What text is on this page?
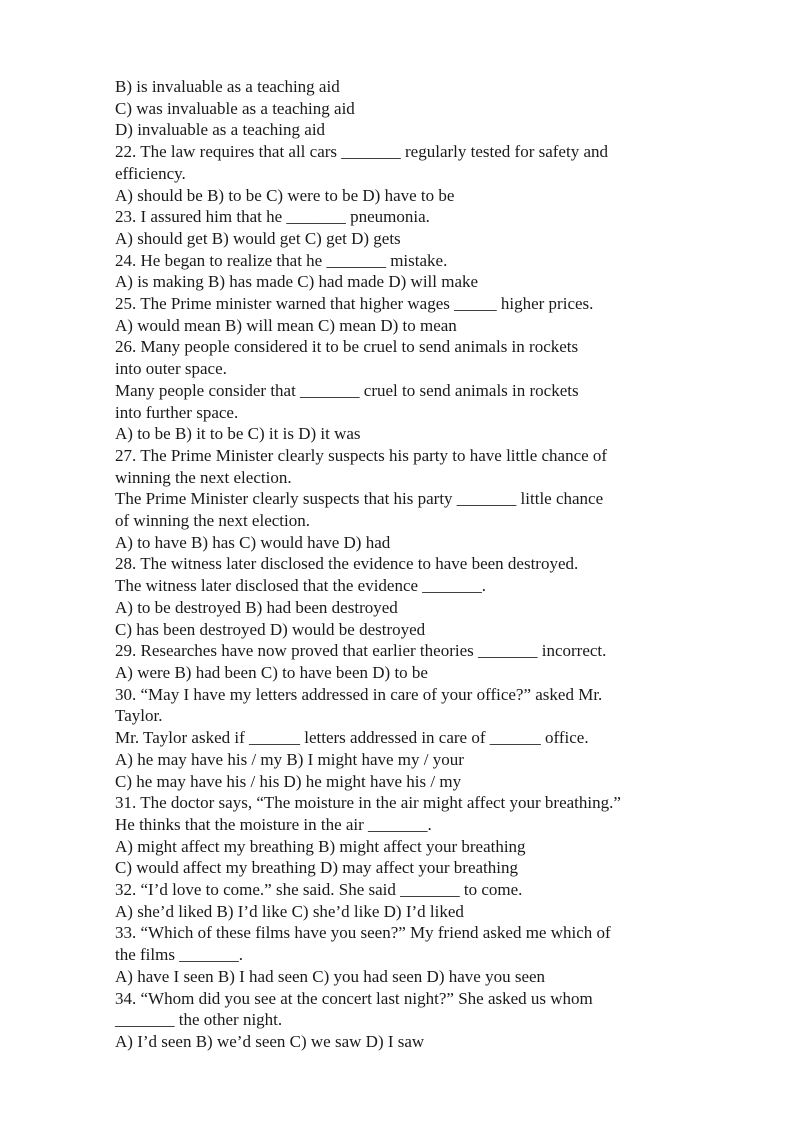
B) is invaluable as a teaching aid
C) was invaluable as a teaching aid
D) invaluable as a teaching aid
22. The law requires that all cars _______ regularly tested for safety and
efficiency.
A) should be B) to be C) were to be D) have to be
23. I assured him that he _______ pneumonia.
A) should get B) would get C) get D) gets
24. He began to realize that he _______ mistake.
A) is making B) has made C) had made D) will make
25. The Prime minister warned that higher wages _____ higher prices.
A) would mean B) will mean C) mean D) to mean
26. Many people considered it to be cruel to send animals in rockets
into outer space.
Many people consider that _______ cruel to send animals in rockets
into further space.
A) to be B) it to be C) it is D) it was
27. The Prime Minister clearly suspects his party to have little chance of
winning the next election.
The Prime Minister clearly suspects that his party _______ little chance
of winning the next election.
A) to have B) has C) would have D) had
28. The witness later disclosed the evidence to have been destroyed.
The witness later disclosed that the evidence _______.
A) to be destroyed B) had been destroyed
C) has been destroyed D) would be destroyed
29. Researches have now proved that earlier theories _______ incorrect.
A) were B) had been C) to have been D) to be
30. “May I have my letters addressed in care of your office?” asked Mr.
Taylor.
Mr. Taylor asked if ______ letters addressed in care of ______ office.
A) he may have his / my B) I might have my / your
C) he may have his / his D) he might have his / my
31. The doctor says, “The moisture in the air might affect your breathing.”
He thinks that the moisture in the air _______.
A) might affect my breathing B) might affect your breathing
C) would affect my breathing D) may affect your breathing
32. “I’d love to come.” she said. She said _______ to come.
A) she’d liked B) I’d like C) she’d like D) I’d liked
33. “Which of these films have you seen?” My friend asked me which of
the films _______.
A) have I seen B) I had seen C) you had seen D) have you seen
34. “Whom did you see at the concert last night?” She asked us whom
_______ the other night.
A) I’d seen B) we’d seen C) we saw D) I saw
